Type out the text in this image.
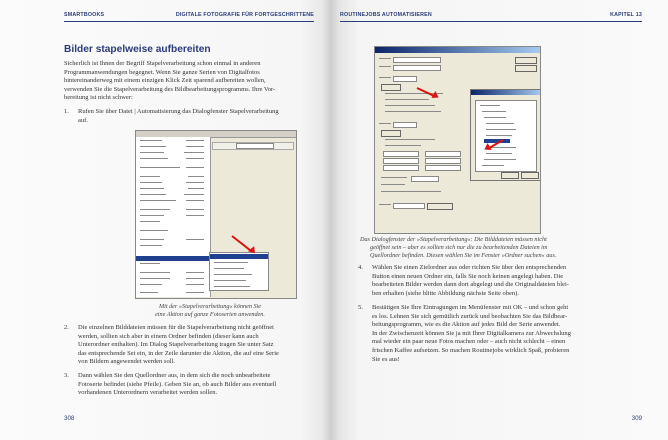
SMARTBOOKS	DIGITALE FOTOGRAFIE FÜR FORTGESCHRITTENE
Bilder stapelweise aufbereiten
Sicherlich ist Ihnen der Begriff Stapelverarbeitung schon einmal in anderen
Programmanwendungen begegnet. Wenn Sie ganze Serien von Digitalfotos
hintereinanderweg mit einem einzigen Klick Zeit sparend aufbereiten wollen,
verwenden Sie die Stapelverarbeitung des Bildbearbeitungsprogramms. Ihre Vor-
bereitung ist nicht schwer:
1. Rufen Sie über Datei | Automatisierung das Dialogfenster Stapelverarbeitung
auf.
Mit der »Stapelverarbeitung« können Sie
eine Aktion auf ganze Fotoserien anwenden.
2. Die einzelnen Bilddateien müssen für die Stapelverarbeitung nicht geöffnet
werden, sollten sich aber in einem Ordner befinden (dieser kann auch
Unterordner enthalten). Im Dialog Stapelverarbeitung tragen Sie unter Satz
das entsprechende Set ein, in der Zeile darunter die Aktion, die auf eine Serie
von Bildern angewendet werden soll.
3. Dann wählen Sie den Quellordner aus, in dem sich die noch unbearbeitete
Fotoserie befindet (siehe Pfeile). Geben Sie an, ob auch Bilder aus eventuell
vorhandenen Unterordnern verarbeitet werden sollen.
308
ROUTINEJOBS AUTOMATISIEREN	KAPITEL 13
Das Dialogfenster der »Stapelverarbeitung«: Die Bilddateien müssen nicht
geöffnet sein – aber es sollten sich nur die zu bearbeitenden Dateien im
Quellordner befinden. Diesen wählen Sie im Fenster »Ordner suchen« aus.
4. Wählen Sie einen Zielordner aus oder richten Sie über den entsprechenden
Button einen neuen Ordner ein, falls Sie noch keinen angelegt haben. Die
bearbeiteten Bilder werden dann dort abgelegt und die Originaldateien blei-
ben erhalten (siehe blitte Abbildung nächste Seite oben).
5. Bestätigen Sie Ihre Eintragungen im Menüfenster mit OK – und schon geht
es los. Lehnen Sie sich gemütlich zurück und beobachten Sie das Bildbear-
beitungsprogramm, wie es die Aktion auf jedes Bild der Serie anwendet.
In der Zwischenzeit können Sie ja mit Ihrer Digitalkamera zur Abwechslung
mal wieder ein paar neue Fotos machen oder – auch nicht schlecht – einen
frischen Kaffee aufsetzen. So machen Routinejobs wirklich Spaß, probieren
Sie es aus!
309
